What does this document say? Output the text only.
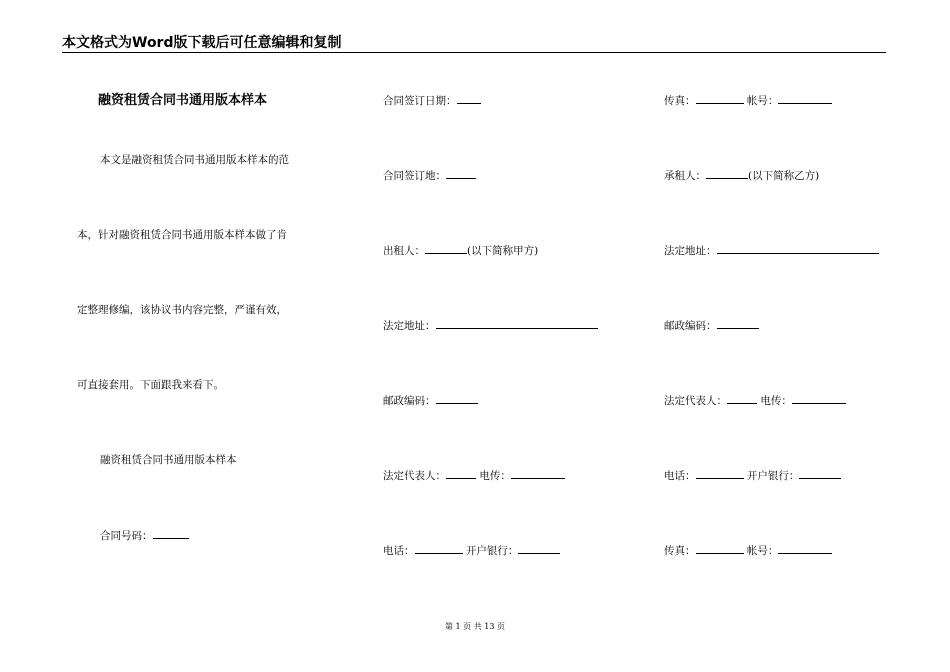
本文格式为Word版下载后可任意编辑和复制
融资租赁合同书通用版本样本
本文是融资租赁合同书通用版本样本的范
本，针对融资租赁合同书通用版本样本做了肯
定整理修编，该协议书内容完整，严谨有效，
可直接套用。下面跟我来看下。
融资租赁合同书通用版本样本
合同号码：
合同签订日期：
合同签订地：
出租人：	(以下简称甲方)
法定地址：
邮政编码：
法定代表人：	电传：
电话：	开户银行：
传真：	帐号：
承租人：	(以下简称乙方)
法定地址：
邮政编码：
法定代表人：	电传：
电话：	开户银行：
传真：	帐号：
第 1 页 共 13 页
